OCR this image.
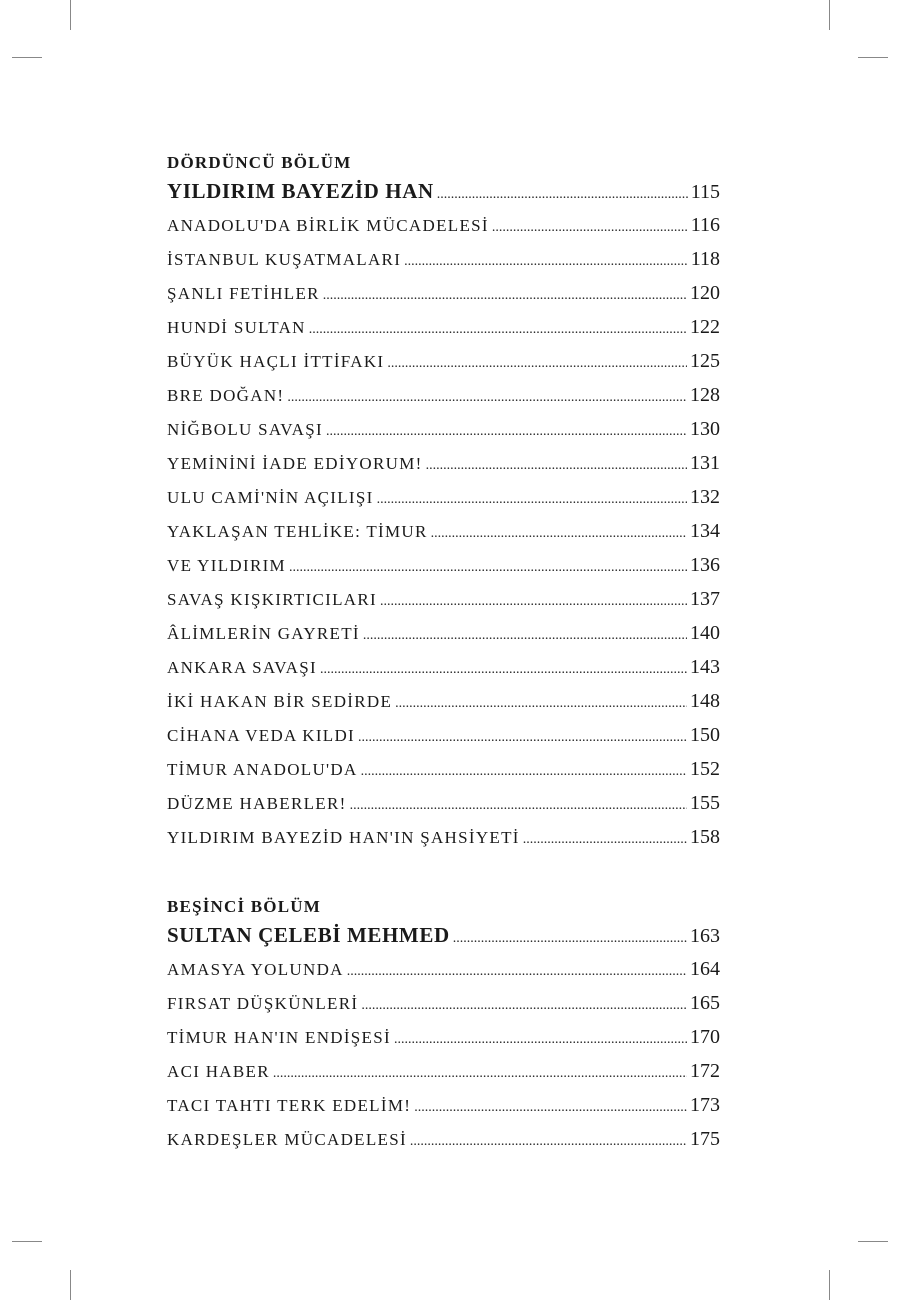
DÖRDÜNCÜ BÖLÜM
YILDIRIM BAYEZİD HAN .....	115
ANADOLU'DA BİRLİK MÜCADELESİ .....	116
İSTANBUL KUŞATMALARI .....	118
ŞANLI FETİHLER .....	120
HUNDİ SULTAN .....	122
BÜYÜK HAÇLI İTTİFAKI .....	125
BRE DOĞAN! .....	128
NİĞBOLU SAVAŞI .....	130
YEMİNİNİ İADE EDİYORUM! .....	131
ULU CAMİ'NİN AÇILIŞI .....	132
YAKLAŞAN TEHLİKE: TİMUR .....	134
VE YILDIRIM .....	136
SAVAŞ KIŞKIRTICILARI .....	137
ÂLİMLERİN GAYRETİ .....	140
ANKARA SAVAŞI .....	143
İKİ HAKAN BİR SEDİRDE .....	148
CİHANA VEDA KILDI .....	150
TİMUR ANADOLU'DA .....	152
DÜZME HABERLER! .....	155
YILDIRIM BAYEZİD HAN'IN ŞAHSİYETİ .....	158
BEŞİNCİ BÖLÜM
SULTAN ÇELEBİ MEHMED .....	163
AMASYA YOLUNDA .....	164
FIRSAT DÜŞKÜNLERİ .....	165
TİMUR HAN'IN ENDİŞESİ .....	170
ACI HABER .....	172
TACI TAHTI TERK EDELİM! .....	173
KARDEŞLER MÜCADELESİ .....	175
